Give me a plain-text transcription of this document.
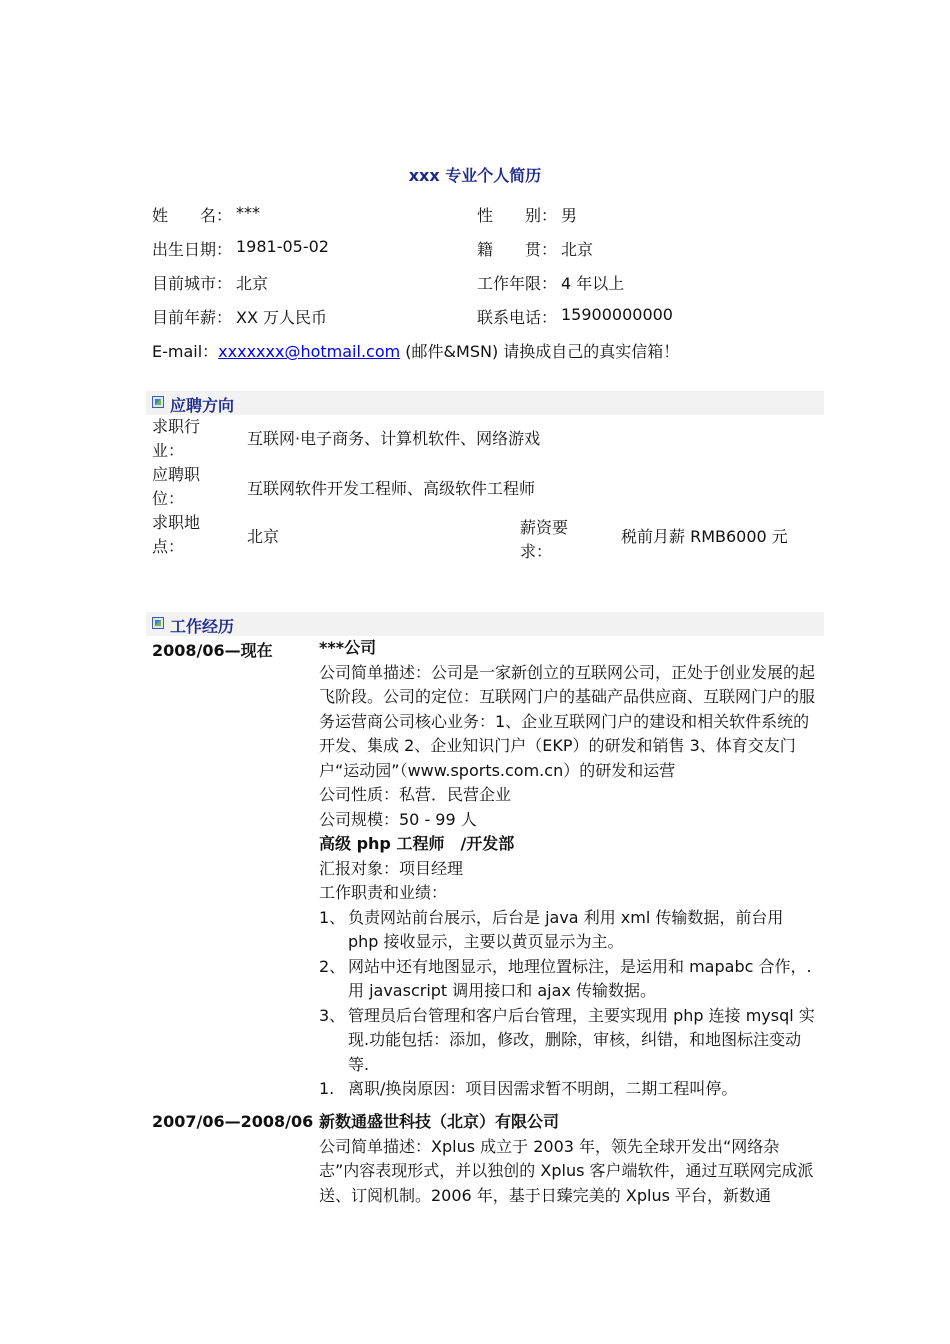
xxx 专业个人简历
姓　　名： ***	性　　别： 男
出生日期： 1981-05-02	籍　　贯： 北京
目前城市： 北京	工作年限： 4 年以上
目前年薪： XX 万人民币	联系电话： 15900000000
E-mail：xxxxxxx@hotmail.com (邮件&MSN) 请换成自己的真实信箱！
应聘方向
求职行业：
互联网·电子商务、计算机软件、网络游戏
应聘职位：
互联网软件开发工程师、高级软件工程师
求职地点：
北京	薪资要求：
税前月薪 RMB6000 元
工作经历
2008/06—现在	***公司

公司简单描述：公司是一家新创立的互联网公司，正处于创业发展的起飞阶段。公司的定位：互联网门户的基础产品供应商、互联网门户的服务运营商公司核心业务：1、企业互联网门户的建设和相关软件系统的开发、集成 2、企业知识门户（EKP）的研发和销售 3、体育交友门户“运动园”（www.sports.com.cn）的研发和运营

公司性质：私营．民营企业

公司规模：50 - 99 人

高级 php 工程师　/开发部

汇报对象：项目经理

工作职责和业绩：

1、 负责网站前台展示，后台是 java 利用 xml 传输数据，前台用 php 接收显示，主要以黄页显示为主。
2、 网站中还有地图显示，地理位置标注，是运用和 mapabc 合作，.用 javascript 调用接口和 ajax 传输数据。
3、 管理员后台管理和客户后台管理，主要实现用 php 连接 mysql 实现.功能包括：添加，修改，删除，审核，纠错，和地图标注变动等.
1. 离职/换岗原因：项目因需求暂不明朗，二期工程叫停。
2007/06—2008/06 新数通盛世科技（北京）有限公司

公司简单描述：Xplus 成立于 2003 年，领先全球开发出“网络杂志”内容表现形式，并以独创的 Xplus 客户端软件，通过互联网完成派送、订阅机制。2006 年，基于日臻完美的 Xplus 平台，新数通
